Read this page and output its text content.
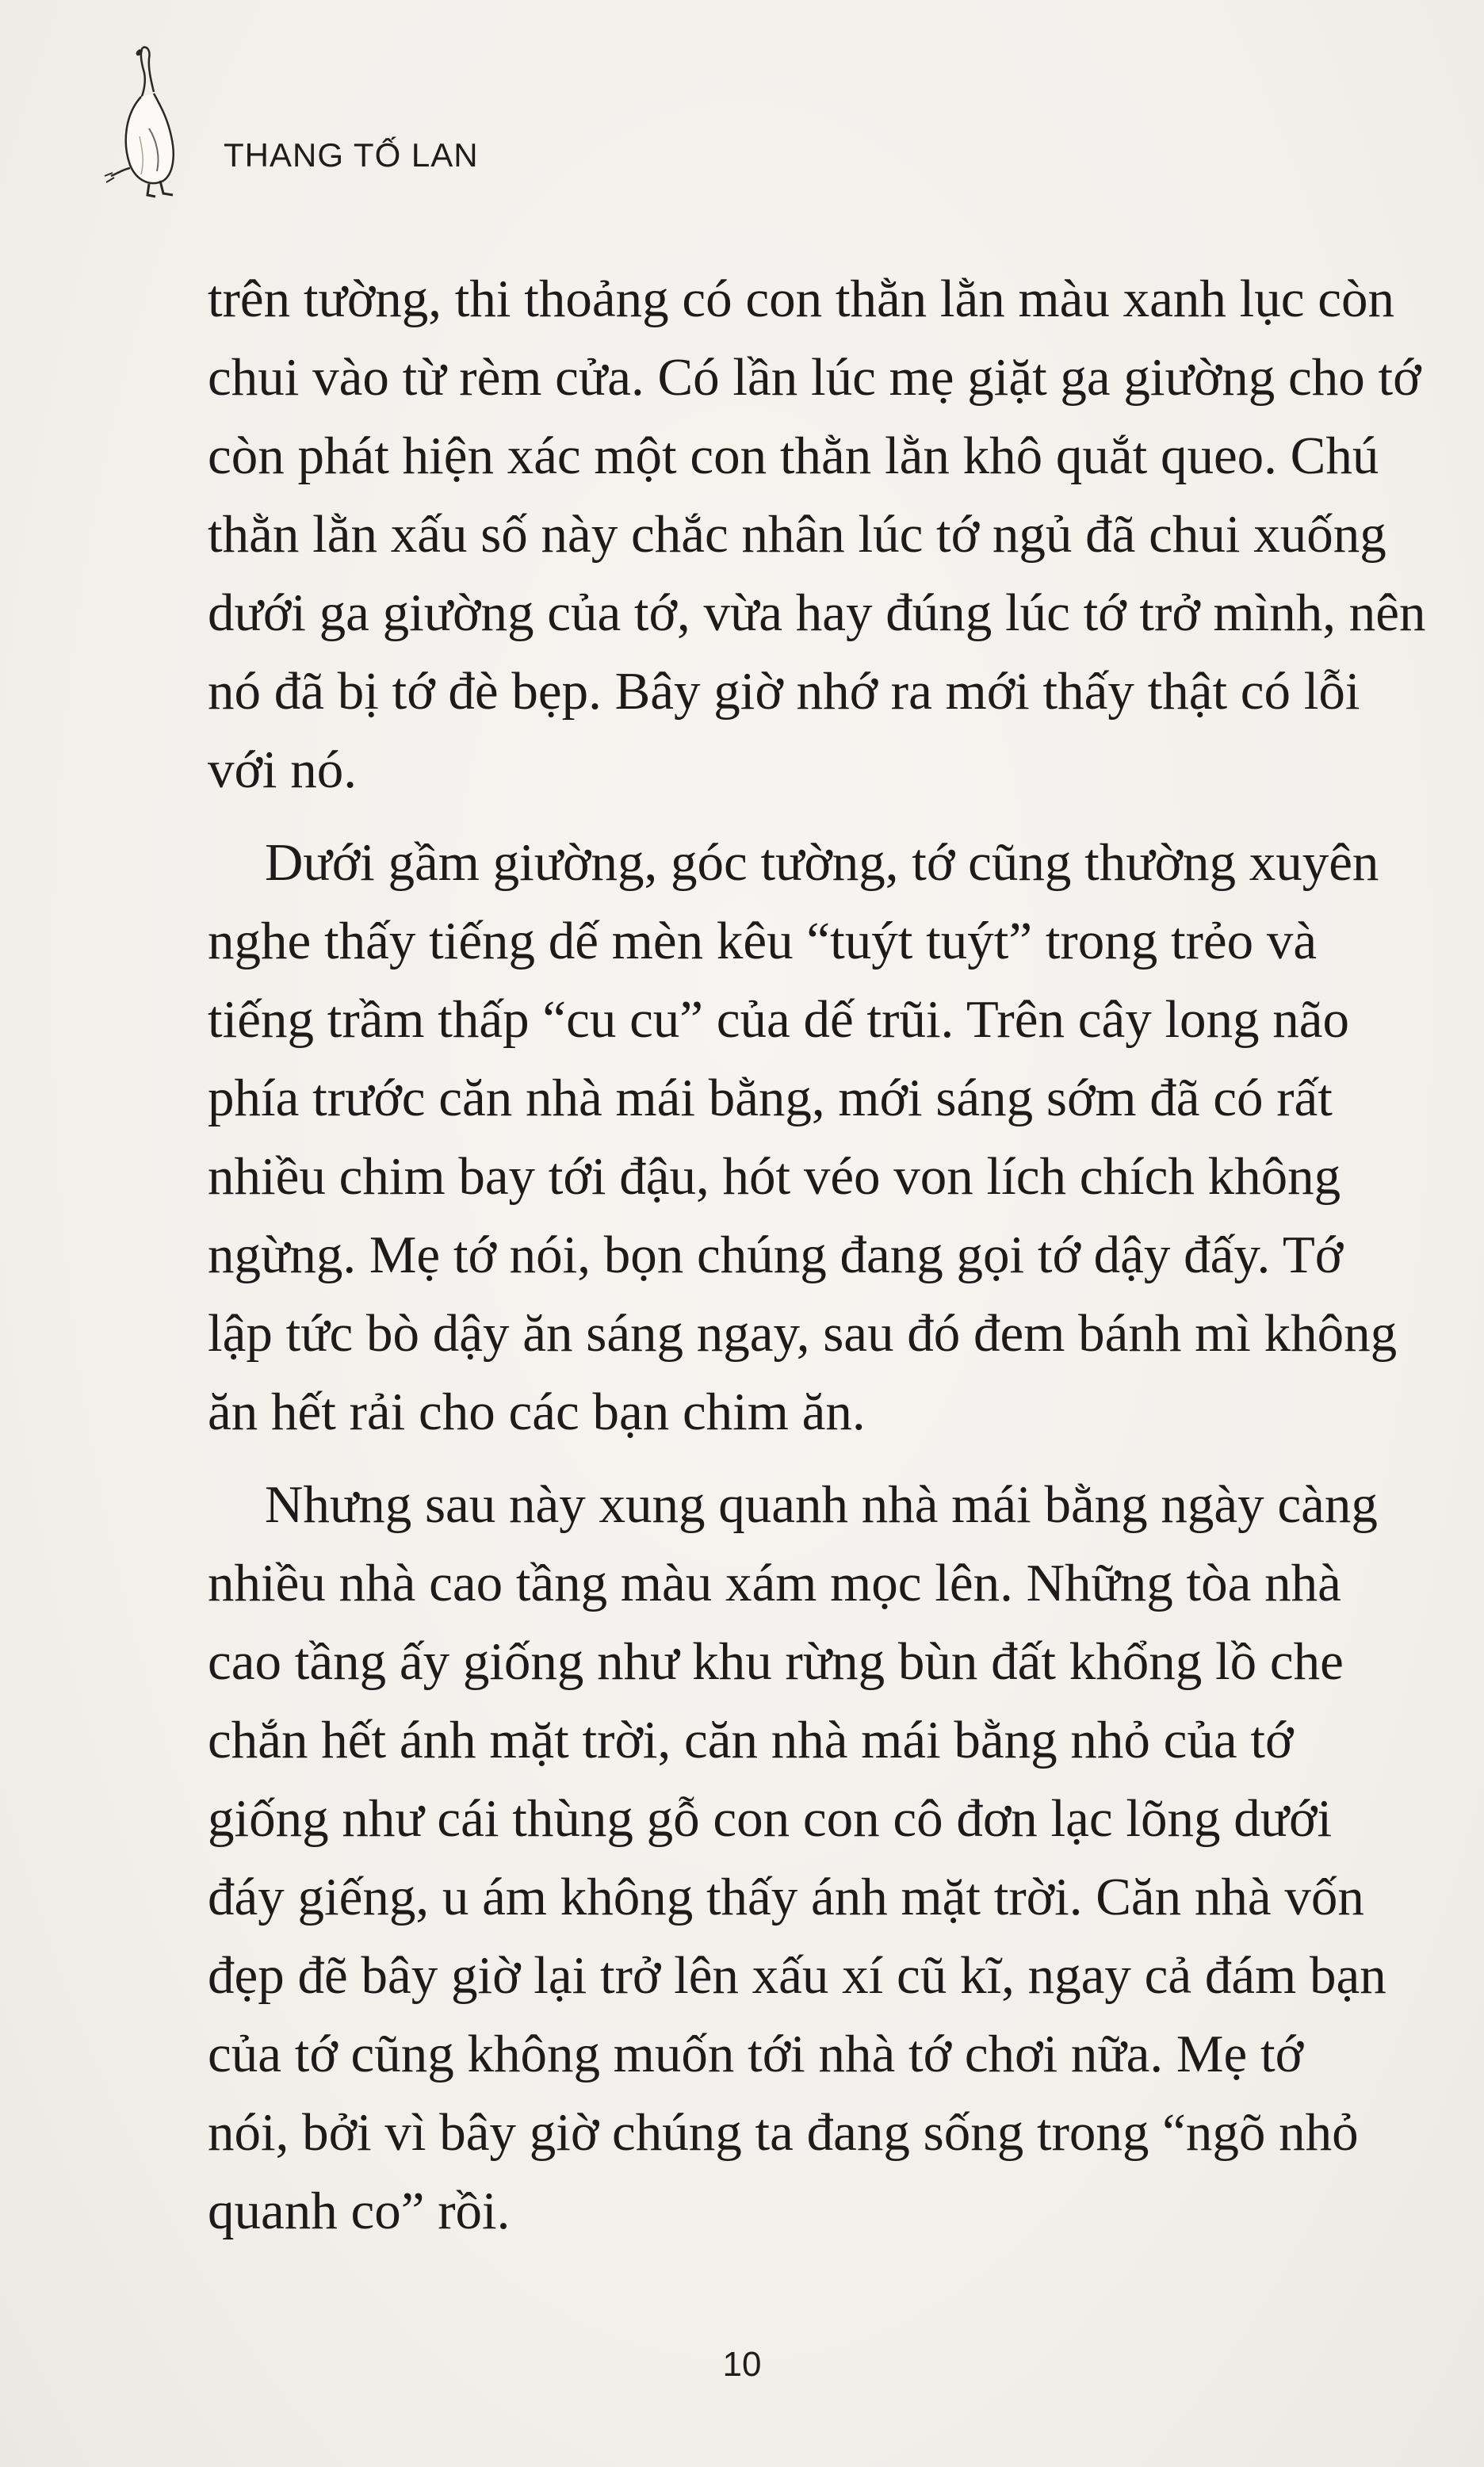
THANG TỐ LAN

trên tường, thi thoảng có con thằn lằn màu xanh lục còn
chui vào từ rèm cửa. Có lần lúc mẹ giặt ga giường cho tớ
còn phát hiện xác một con thằn lằn khô quắt queo. Chú
thằn lằn xấu số này chắc nhân lúc tớ ngủ đã chui xuống
dưới ga giường của tớ, vừa hay đúng lúc tớ trở mình, nên
nó đã bị tớ đè bẹp. Bây giờ nhớ ra mới thấy thật có lỗi
với nó.

Dưới gầm giường, góc tường, tớ cũng thường xuyên
nghe thấy tiếng dế mèn kêu “tuýt tuýt” trong trẻo và
tiếng trầm thấp “cu cu” của dế trũi. Trên cây long não
phía trước căn nhà mái bằng, mới sáng sớm đã có rất
nhiều chim bay tới đậu, hót véo von lích chích không
ngừng. Mẹ tớ nói, bọn chúng đang gọi tớ dậy đấy. Tớ
lập tức bò dậy ăn sáng ngay, sau đó đem bánh mì không
ăn hết rải cho các bạn chim ăn.

Nhưng sau này xung quanh nhà mái bằng ngày càng
nhiều nhà cao tầng màu xám mọc lên. Những tòa nhà
cao tầng ấy giống như khu rừng bùn đất khổng lồ che
chắn hết ánh mặt trời, căn nhà mái bằng nhỏ của tớ
giống như cái thùng gỗ con con cô đơn lạc lõng dưới
đáy giếng, u ám không thấy ánh mặt trời. Căn nhà vốn
đẹp đẽ bây giờ lại trở lên xấu xí cũ kĩ, ngay cả đám bạn
của tớ cũng không muốn tới nhà tớ chơi nữa. Mẹ tớ
nói, bởi vì bây giờ chúng ta đang sống trong “ngõ nhỏ
quanh co” rồi.

10
